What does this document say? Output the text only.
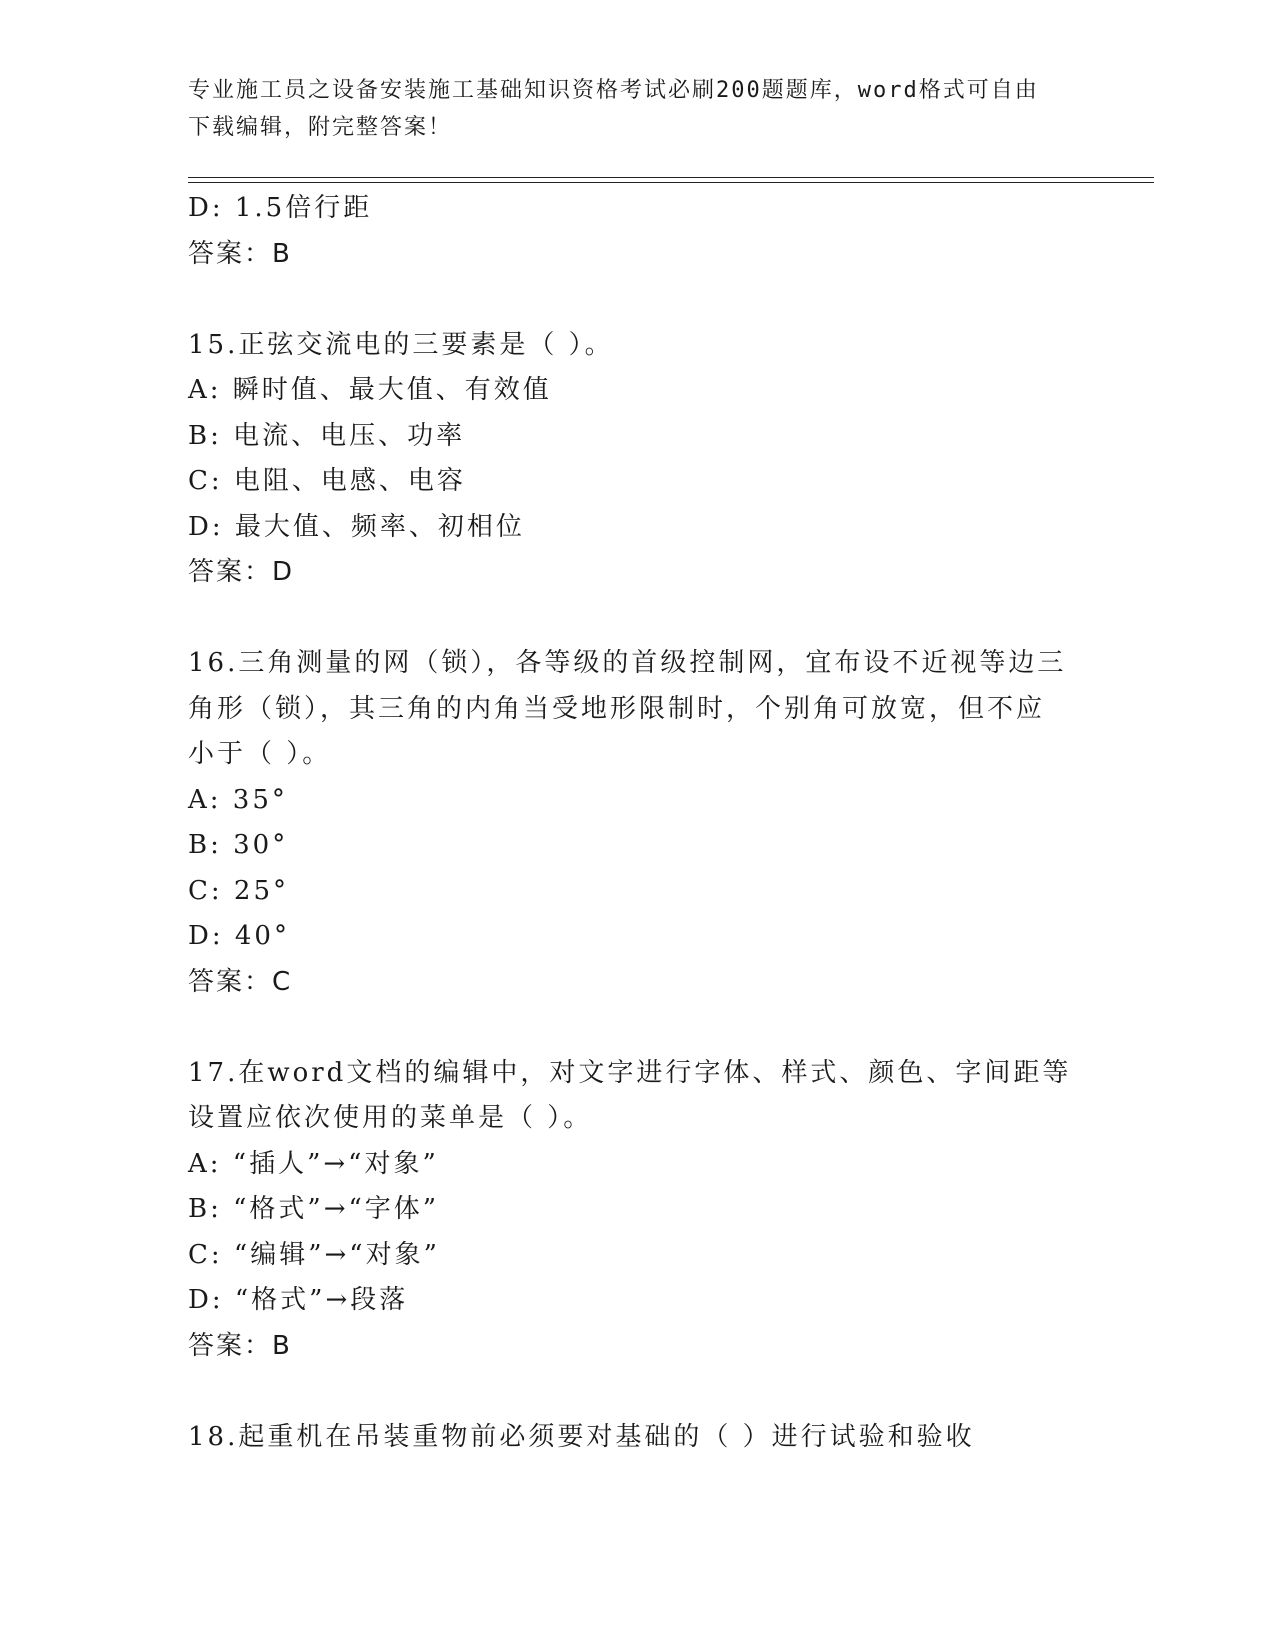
专业施工员之设备安装施工基础知识资格考试必刷200题题库，word格式可自由
下载编辑，附完整答案！
D: 1.5倍行距
答案：B
15.正弦交流电的三要素是（ ）。
A: 瞬时值、最大值、有效值
B: 电流、电压、功率
C: 电阻、电感、电容
D: 最大值、频率、初相位
答案：D
16.三角测量的网（锁），各等级的首级控制网，宜布设不近视等边三
角形（锁），其三角的内角当受地形限制时，个别角可放宽，但不应
小于（ ）。
A: 35°
B: 30°
C: 25°
D: 40°
答案：C
17.在word文档的编辑中，对文字进行字体、样式、颜色、字间距等
设置应依次使用的菜单是（ ）。
A: “插人”→“对象”
B: “格式”→“字体”
C: “编辑”→“对象”
D: “格式”→段落
答案：B
18.起重机在吊装重物前必须要对基础的（ ）进行试验和验收
